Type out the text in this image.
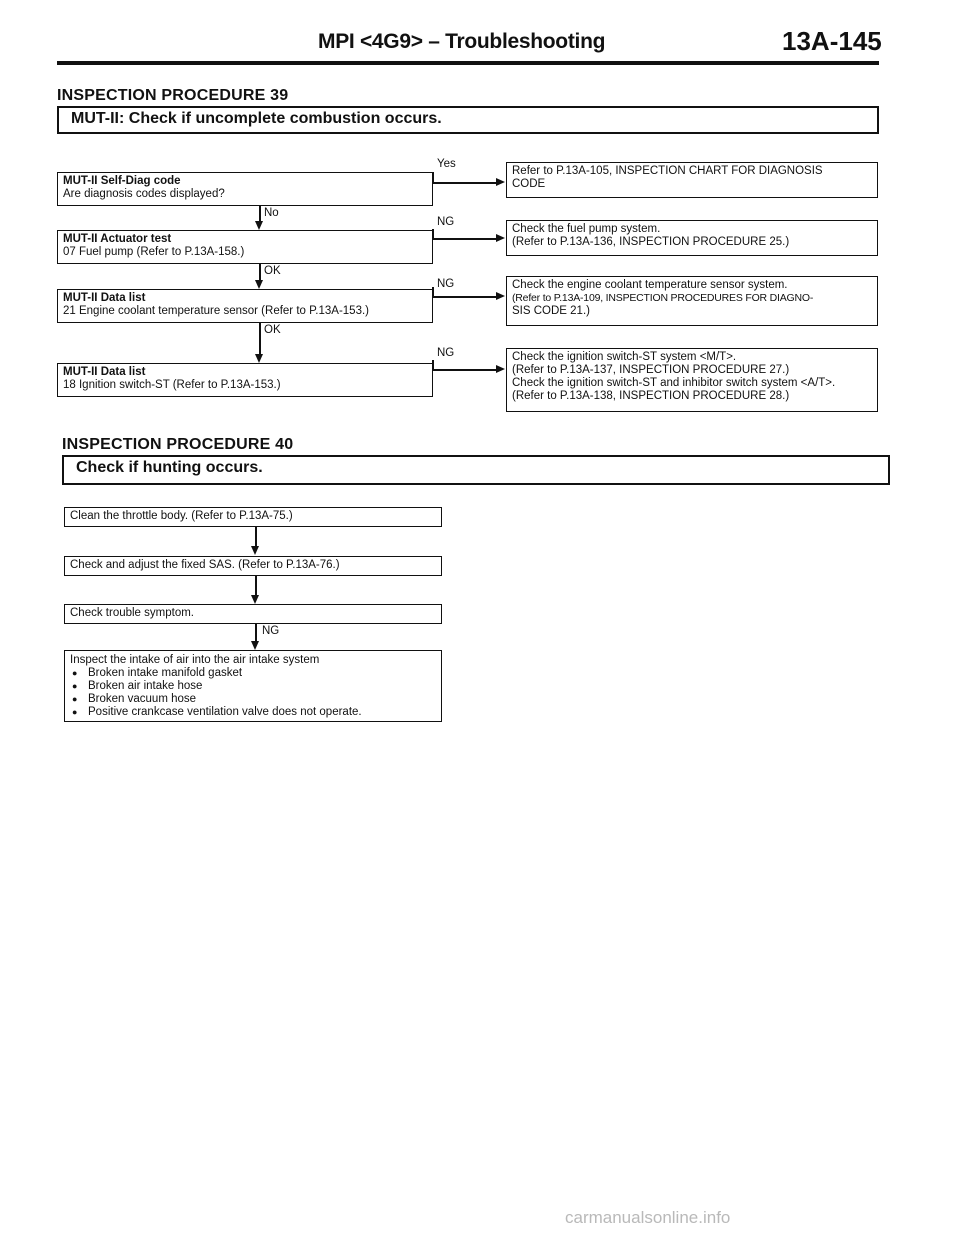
MPI <4G9> – Troubleshooting	13A-145
INSPECTION PROCEDURE 39
MUT-II: Check if uncomplete combustion occurs.
MUT-II Self-Diag code
Are diagnosis codes displayed?
MUT-II Actuator test
07 Fuel pump (Refer to P.13A-158.)
MUT-II Data list
21 Engine coolant temperature sensor (Refer to P.13A-153.)
MUT-II Data list
18 Ignition switch-ST (Refer to P.13A-153.)
No
OK
OK
Yes
NG
NG
NG
Refer to P.13A-105, INSPECTION CHART FOR DIAGNOSIS
CODE
Check the fuel pump system.
(Refer to P.13A-136, INSPECTION PROCEDURE 25.)
Check the engine coolant temperature sensor system.
(Refer to P.13A-109, INSPECTION PROCEDURES FOR DIAGNO-
SIS CODE 21.)
Check the ignition switch-ST system <M/T>.
(Refer to P.13A-137, INSPECTION PROCEDURE 27.)
Check the ignition switch-ST and inhibitor switch system <A/T>.
(Refer to P.13A-138, INSPECTION PROCEDURE 28.)
INSPECTION PROCEDURE 40
Check if hunting occurs.
Clean the throttle body. (Refer to P.13A-75.)
Check and adjust the fixed SAS. (Refer to P.13A-76.)
Check trouble symptom.
NG
Inspect the intake of air into the air intake system
● Broken intake manifold gasket
● Broken air intake hose
● Broken vacuum hose
● Positive crankcase ventilation valve does not operate.
carmanualsonline.info
